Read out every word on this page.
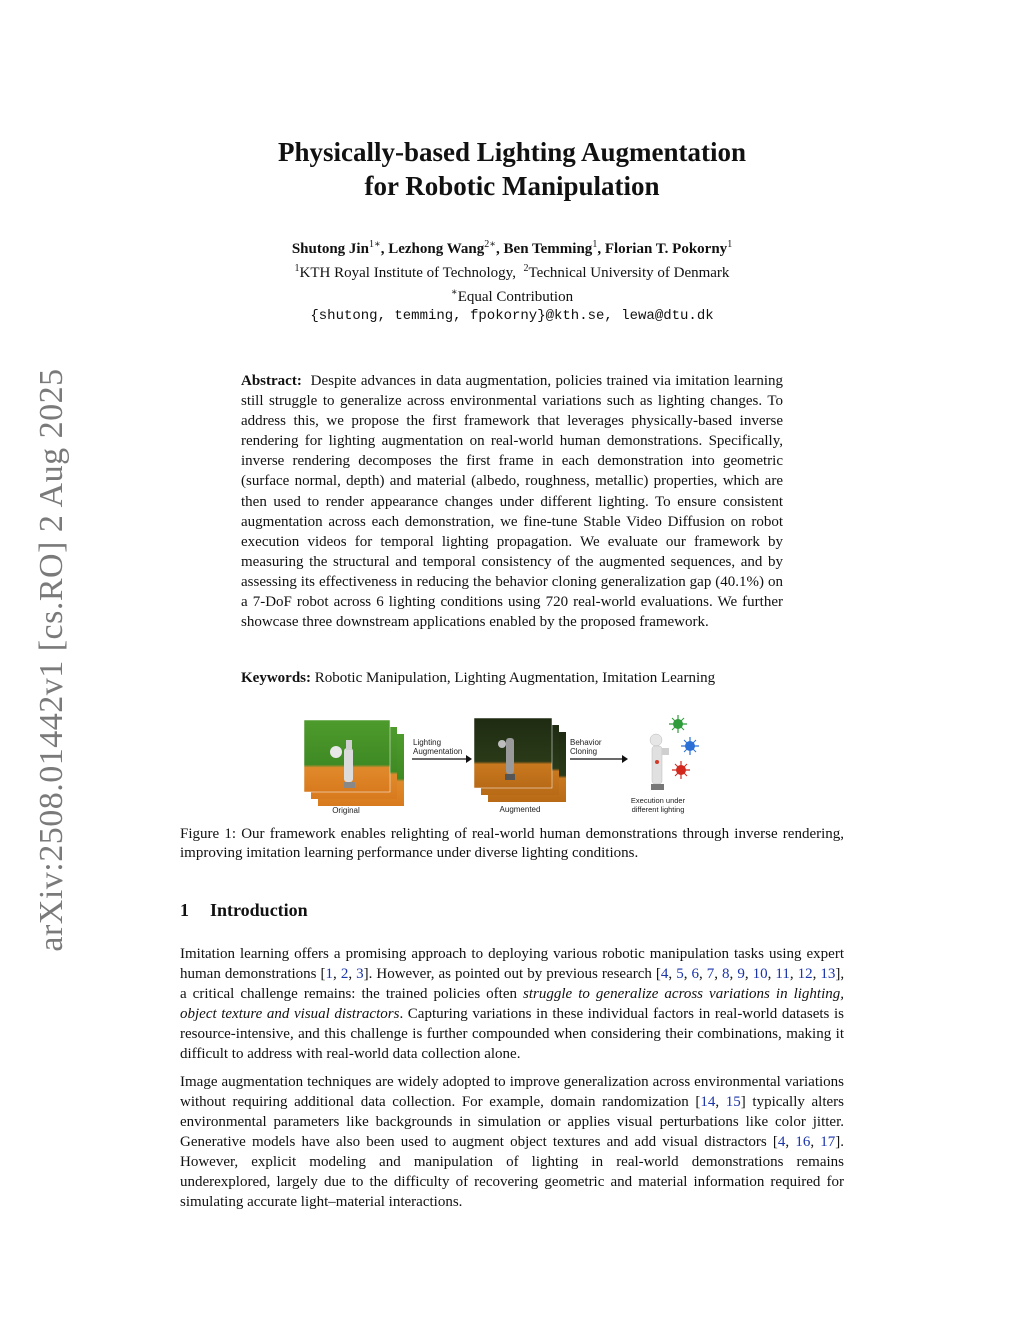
arXiv:2508.01442v1 [cs.RO] 2 Aug 2025
Physically-based Lighting Augmentation
for Robotic Manipulation
Shutong Jin$^{1∗}$, Lezhong Wang$^{2∗}$, Ben Temming$^1$, Florian T. Pokorny$^1$
$^1$KTH Royal Institute of Technology, $^2$Technical University of Denmark
∗Equal Contribution
{shutong, temming, fpokorny}@kth.se, lewa@dtu.dk
Abstract: Despite advances in data augmentation, policies trained via imitation learning still struggle to generalize across environmental variations such as lighting changes. To address this, we propose the first framework that leverages physically-based inverse rendering for lighting augmentation on real-world human demonstrations. Specifically, inverse rendering decomposes the first frame in each demonstration into geometric (surface normal, depth) and material (albedo, roughness, metallic) properties, which are then used to render appearance changes under different lighting. To ensure consistent augmentation across each demonstration, we fine-tune Stable Video Diffusion on robot execution videos for temporal lighting propagation. We evaluate our framework by measuring the structural and temporal consistency of the augmented sequences, and by assessing its effectiveness in reducing the behavior cloning generalization gap (40.1%) on a 7-DoF robot across 6 lighting conditions using 720 real-world evaluations. We further showcase three downstream applications enabled by the proposed framework.
Keywords: Robotic Manipulation, Lighting Augmentation, Imitation Learning
Original
Lighting
Augmentation
Augmented
Behavior
Cloning
Execution under
different lighting
Figure 1: Our framework enables relighting of real-world human demonstrations through inverse rendering, improving imitation learning performance under diverse lighting conditions.
1 Introduction
Imitation learning offers a promising approach to deploying various robotic manipulation tasks using expert human demonstrations [1, 2, 3]. However, as pointed out by previous research [4, 5, 6, 7, 8, 9, 10, 11, 12, 13], a critical challenge remains: the trained policies often struggle to generalize across variations in lighting, object texture and visual distractors. Capturing variations in these individual factors in real-world datasets is resource-intensive, and this challenge is further compounded when considering their combinations, making it difficult to address with real-world data collection alone.
Image augmentation techniques are widely adopted to improve generalization across environmental variations without requiring additional data collection. For example, domain randomization [14, 15] typically alters environmental parameters like backgrounds in simulation or applies visual perturbations like color jitter. Generative models have also been used to augment object textures and add visual distractors [4, 16, 17]. However, explicit modeling and manipulation of lighting in real-world demonstrations remains underexplored, largely due to the difficulty of recovering geometric and material information required for simulating accurate light–material interactions.
